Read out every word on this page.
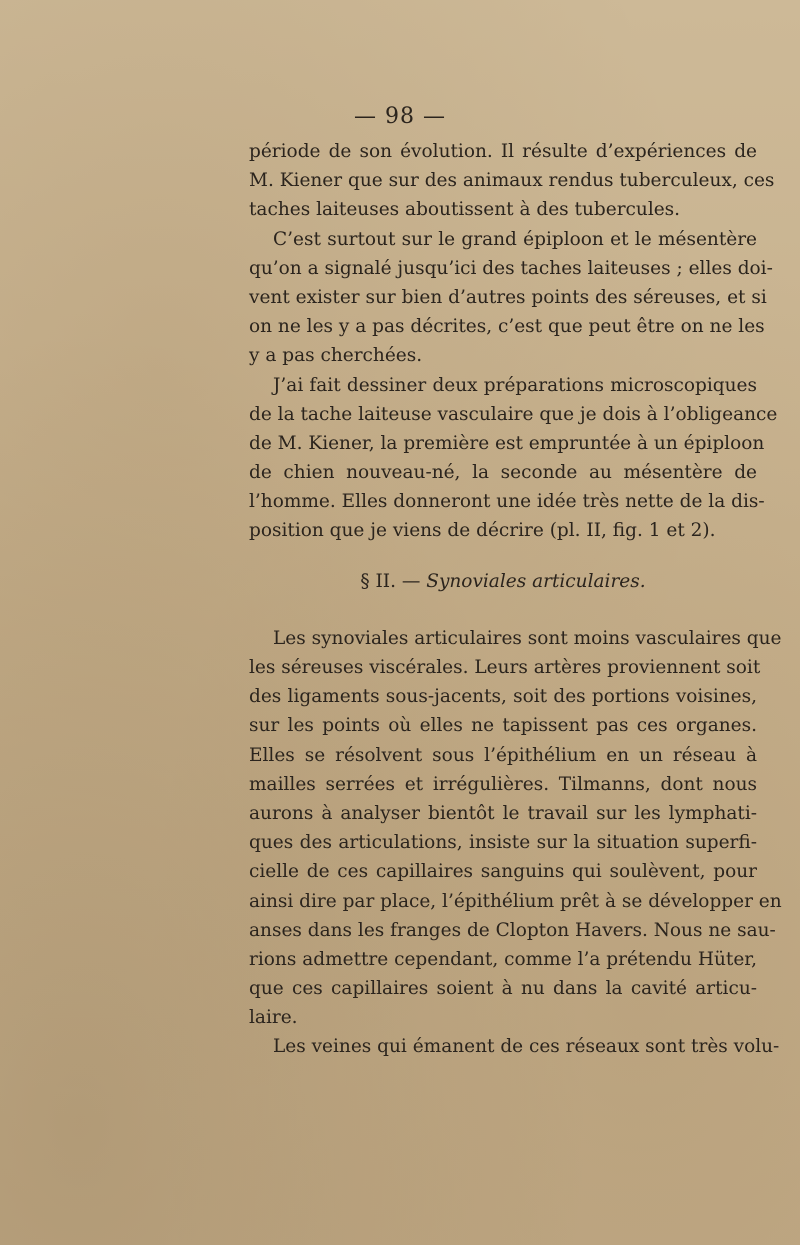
— 98 —
période de son évolution. Il résulte d’expériences de
M. Kiener que sur des animaux rendus tuberculeux, ces
taches laiteuses aboutissent à des tubercules.
C’est surtout sur le grand épiploon et le mésentère
qu’on a signalé jusqu’ici des taches laiteuses ; elles doi-
vent exister sur bien d’autres points des séreuses, et si
on ne les y a pas décrites, c’est que peut être on ne les
y a pas cherchées.
J’ai fait dessiner deux préparations microscopiques
de la tache laiteuse vasculaire que je dois à l’obligeance
de M. Kiener, la première est empruntée à un épiploon
de chien nouveau-né, la seconde au mésentère de
l’homme. Elles donneront une idée très nette de la dis-
position que je viens de décrire (pl. II, fig. 1 et 2).
§ II. — Synoviales articulaires.
Les synoviales articulaires sont moins vasculaires que
les séreuses viscérales. Leurs artères proviennent soit
des ligaments sous-jacents, soit des portions voisines,
sur les points où elles ne tapissent pas ces organes.
Elles se résolvent sous l’épithélium en un réseau à
mailles serrées et irrégulières. Tilmanns, dont nous
aurons à analyser bientôt le travail sur les lymphati-
ques des articulations, insiste sur la situation superfi-
cielle de ces capillaires sanguins qui soulèvent, pour
ainsi dire par place, l’épithélium prêt à se développer en
anses dans les franges de Clopton Havers. Nous ne sau-
rions admettre cependant, comme l’a prétendu Hüter,
que ces capillaires soient à nu dans la cavité articu-
laire.
Les veines qui émanent de ces réseaux sont très volu-
